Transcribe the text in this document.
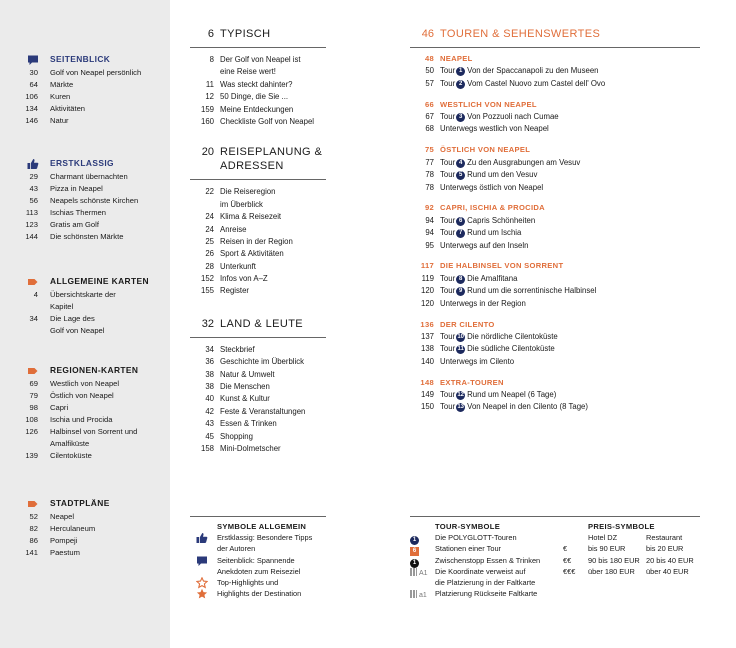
SEITENBLICK
30 Golf von Neapel persönlich
64 Märkte
106 Kuren
134 Aktivitäten
146 Natur
ERSTKLASSIG
29 Charmant übernachten
43 Pizza in Neapel
56 Neapels schönste Kirchen
113 Ischias Thermen
123 Gratis am Golf
144 Die schönsten Märkte
ALLGEMEINE KARTEN
4 Übersichtskarte der
Kapitel
34 Die Lage des
Golf von Neapel
REGIONEN-KARTEN
69 Westlich von Neapel
79 Östlich von Neapel
98 Capri
108 Ischia und Procida
126 Halbinsel von Sorrent und
Amalfiküste
139 Cilentoküste
STADTPLÄNE
52 Neapel
82 Herculaneum
86 Pompeji
141 Paestum
6 TYPISCH
8 Der Golf von Neapel ist
eine Reise wert!
11 Was steckt dahinter?
12 50 Dinge, die Sie ...
159 Meine Entdeckungen
160 Checkliste Golf von Neapel
20 REISEPLANUNG &
ADRESSEN
22 Die Reiseregion
im Überblick
24 Klima & Reisezeit
24 Anreise
25 Reisen in der Region
26 Sport & Aktivitäten
28 Unterkunft
152 Infos von A–Z
155 Register
32 LAND & LEUTE
34 Steckbrief
36 Geschichte im Überblick
38 Natur & Umwelt
38 Die Menschen
40 Kunst & Kultur
42 Feste & Veranstaltungen
43 Essen & Trinken
45 Shopping
158 Mini-Dolmetscher
46 TOUREN & SEHENSWERTES
48 NEAPEL
50 Tour 1 Von der Spaccanapoli zu den Museen
57 Tour 2 Vom Castel Nuovo zum Castel dell' Ovo
66 WESTLICH VON NEAPEL
67 Tour 3 Von Pozzuoli nach Cumae
68 Unterwegs westlich von Neapel
75 ÖSTLICH VON NEAPEL
77 Tour 4 Zu den Ausgrabungen am Vesuv
78 Tour 5 Rund um den Vesuv
78 Unterwegs östlich von Neapel
92 CAPRI, ISCHIA & PROCIDA
94 Tour 6 Capris Schönheiten
94 Tour 7 Rund um Ischia
95 Unterwegs auf den Inseln
117 DIE HALBINSEL VON SORRENT
119 Tour 8 Die Amalfitana
120 Tour 9 Rund um die sorrentinische Halbinsel
120 Unterwegs in der Region
136 DER CILENTO
137 Tour 10 Die nördliche Cilentoküste
138 Tour 11 Die südliche Cilentoküste
140 Unterwegs im Cilento
148 EXTRA-TOUREN
149 Tour 12 Rund um Neapel (6 Tage)
150 Tour 13 Von Neapel in den Cilento (8 Tage)
SYMBOLE ALLGEMEIN
Erstklassig: Besondere Tipps
der Autoren
Seitenblick: Spannende
Anekdoten zum Reiseziel
Top-Highlights und
Highlights der Destination
TOUR-SYMBOLE
1	Die POLYGLOTT-Touren
6	Stationen einer Tour
1	Zwischenstopp Essen & Trinken
A1 Die Koordinate verweist auf
die Platzierung in der Faltkarte
a1 Platzierung Rückseite Faltkarte
PREIS-SYMBOLE
Hotel DZ	Restaurant
€	bis 90 EUR	bis 20 EUR
€€ 90 bis 180 EUR 20 bis 40 EUR
€€€ über 180 EUR über 40 EUR
